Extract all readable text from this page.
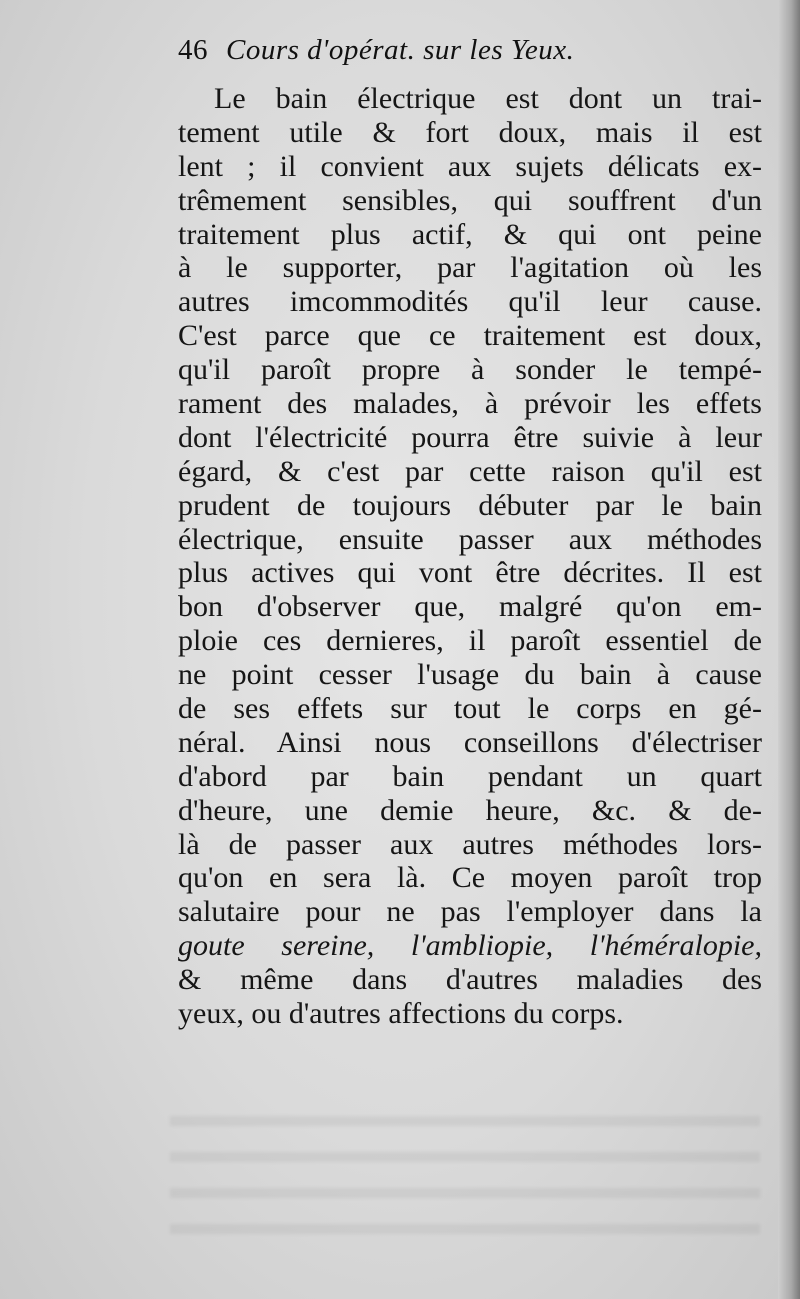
46 Cours d'opérat. sur les Yeux.
Le bain électrique est dont un trai-
tement utile & fort doux, mais il est
lent ; il convient aux sujets délicats ex-
trêmement sensibles, qui souffrent d'un
traitement plus actif, & qui ont peine
à le supporter, par l'agitation où les
autres imcommodités qu'il leur cause.
C'est parce que ce traitement est doux,
qu'il paroît propre à sonder le tempé-
rament des malades, à prévoir les effets
dont l'électricité pourra être suivie à leur
égard, & c'est par cette raison qu'il est
prudent de toujours débuter par le bain
électrique, ensuite passer aux méthodes
plus actives qui vont être décrites. Il est
bon d'observer que, malgré qu'on em-
ploie ces dernieres, il paroît essentiel de
ne point cesser l'usage du bain à cause
de ses effets sur tout le corps en gé-
néral. Ainsi nous conseillons d'électriser
d'abord par bain pendant un quart
d'heure, une demie heure, &c. & de-
là de passer aux autres méthodes lors-
qu'on en sera là. Ce moyen paroît trop
salutaire pour ne pas l'employer dans la
goute sereine, l'ambliopie, l'héméralopie,
& même dans d'autres maladies des
yeux, ou d'autres affections du corps.
